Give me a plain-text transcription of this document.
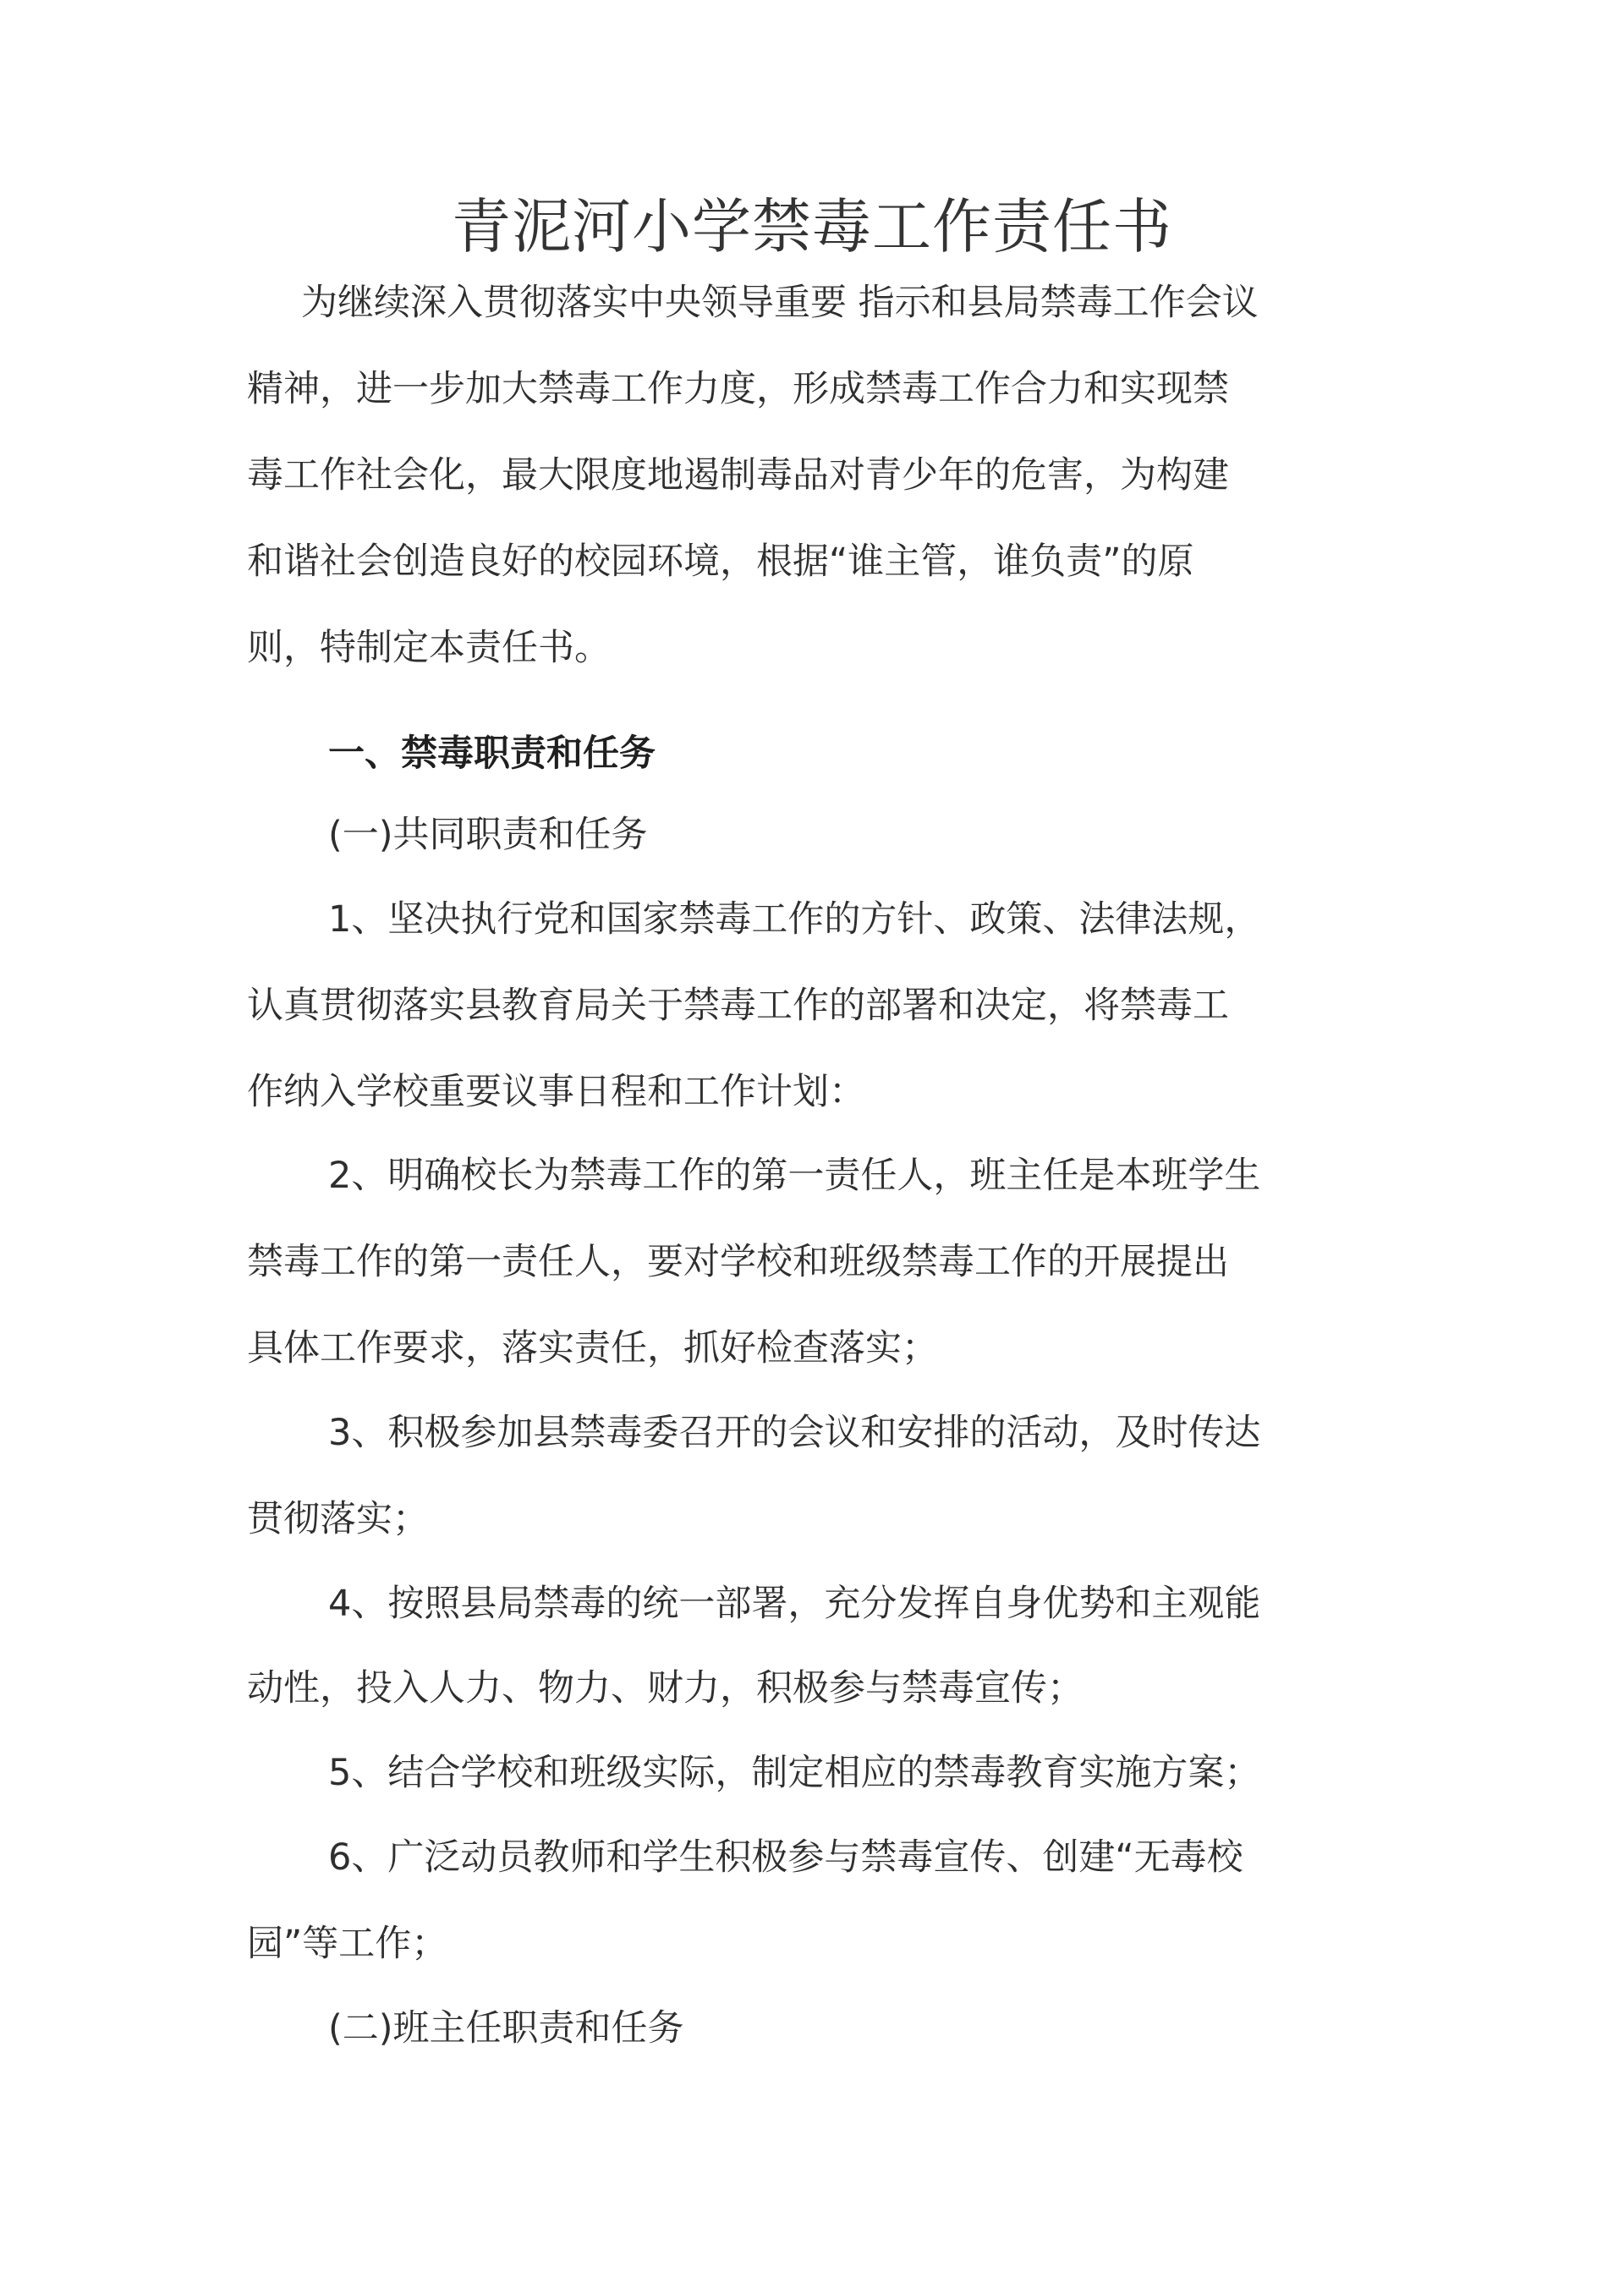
青泥河小学禁毒工作责任书
为继续深入贯彻落实中央领导重要 指示和县局禁毒工作会议
精神，进一步加大禁毒工作力度，形成禁毒工作合力和实现禁
毒工作社会化，最大限度地遏制毒品对青少年的危害，为构建
和谐社会创造良好的校园环境，根据“谁主管，谁负责”的原
则，特制定本责任书。
一、禁毒职责和任务
(一)共同职责和任务
1、坚决执行党和国家禁毒工作的方针、政策、法律法规，
认真贯彻落实县教育局关于禁毒工作的部署和决定，将禁毒工
作纳入学校重要议事日程和工作计划：
2、明确校长为禁毒工作的第一责任人，班主任是本班学生
禁毒工作的第一责任人，要对学校和班级禁毒工作的开展提出
具体工作要求，落实责任，抓好检查落实；
3、积极参加县禁毒委召开的会议和安排的活动，及时传达
贯彻落实；
4、按照县局禁毒的统一部署，充分发挥自身优势和主观能
动性，投入人力、物力、财力，积极参与禁毒宣传；
5、结合学校和班级实际，制定相应的禁毒教育实施方案；
6、广泛动员教师和学生积极参与禁毒宣传、创建“无毒校
园”等工作；
(二)班主任职责和任务
